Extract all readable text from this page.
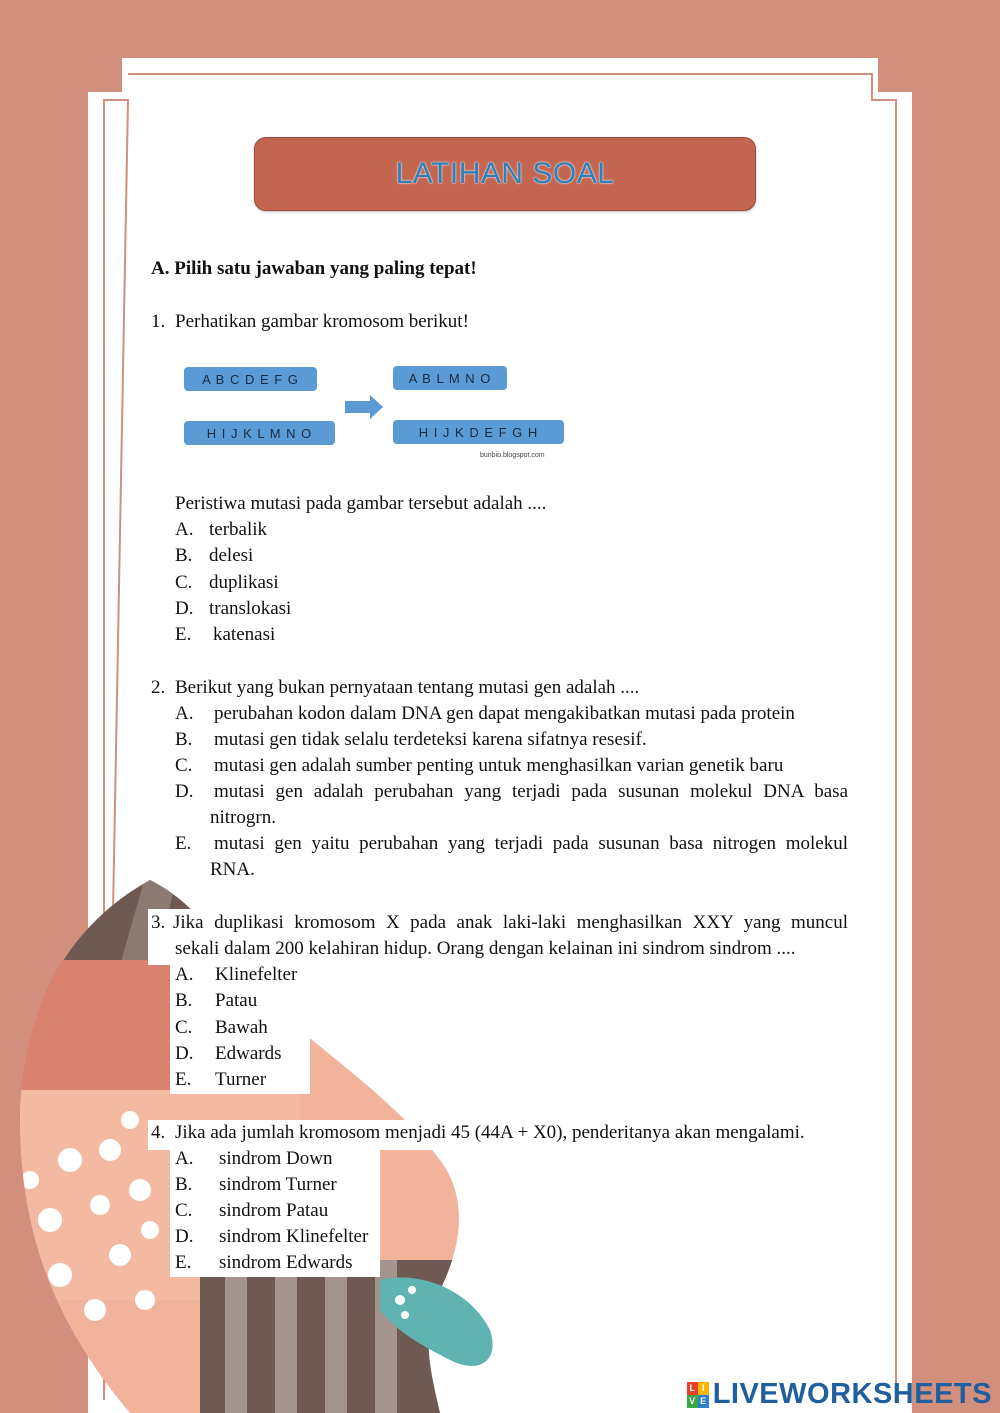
LATIHAN SOAL
A. Pilih satu jawaban yang paling tepat!
1. Perhatikan gambar kromosom berikut!
A B C D E F G
H I J K L M N O
A B L M N O
H I J K D E F G H
bunbio.blogspot.com
Peristiwa mutasi pada gambar tersebut adalah ....
A. terbalik
B. delesi
C. duplikasi
D. translokasi
E. katenasi
2. Berikut yang bukan pernyataan tentang mutasi gen adalah ....
A. perubahan kodon dalam DNA gen dapat mengakibatkan mutasi pada protein
B. mutasi gen tidak selalu terdeteksi karena sifatnya resesif.
C. mutasi gen adalah sumber penting untuk menghasilkan varian genetik baru
D. mutasi gen adalah perubahan yang terjadi pada susunan molekul DNA basa
nitrogrn.
E. mutasi gen yaitu perubahan yang terjadi pada susunan basa nitrogen molekul
RNA.
3. Jika duplikasi kromosom X pada anak laki-laki menghasilkan XXY yang muncul
sekali dalam 200 kelahiran hidup. Orang dengan kelainan ini sindrom sindrom ....
A. Klinefelter
B. Patau
C. Bawah
D. Edwards
E. Turner
4. Jika ada jumlah kromosom menjadi 45 (44A + X0), penderitanya akan mengalami.
A. sindrom Down
B. sindrom Turner
C. sindrom Patau
D. sindrom Klinefelter
E. sindrom Edwards
L I
V E LIVEWORKSHEETS
